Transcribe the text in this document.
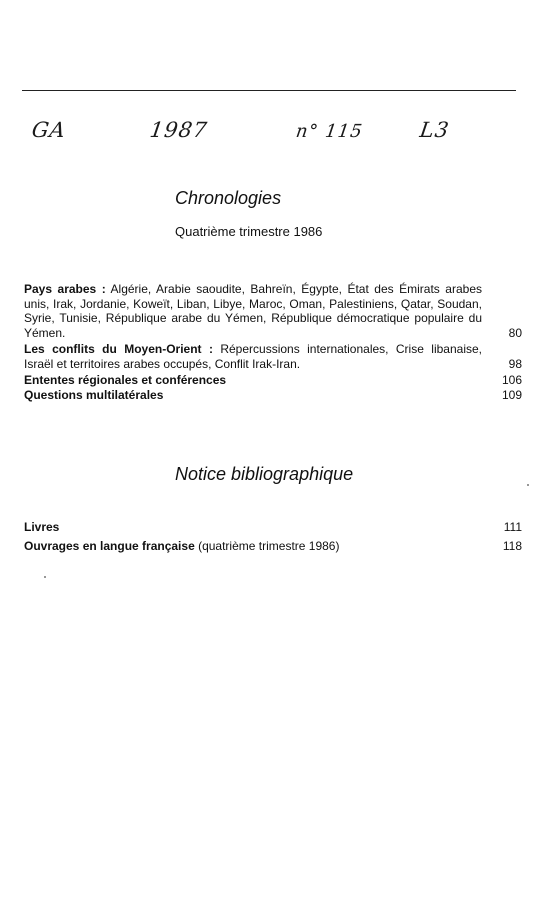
GA	1987	n° 115	L3
Chronologies
Quatrième trimestre 1986
Pays arabes : Algérie, Arabie saoudite, Bahreïn, Égypte, État des Émirats arabes unis, Irak, Jordanie, Koweït, Liban, Libye, Maroc, Oman, Palestiniens, Qatar, Soudan, Syrie, Tunisie, République arabe du Yémen, République démocratique populaire du Yémen.	80
Les conflits du Moyen-Orient : Répercussions internationales, Crise libanaise, Israël et territoires arabes occupés, Conflit Irak-Iran.	98
Ententes régionales et conférences	106
Questions multilatérales	109
Notice bibliographique
Livres	111
Ouvrages en langue française (quatrième trimestre 1986)	118
